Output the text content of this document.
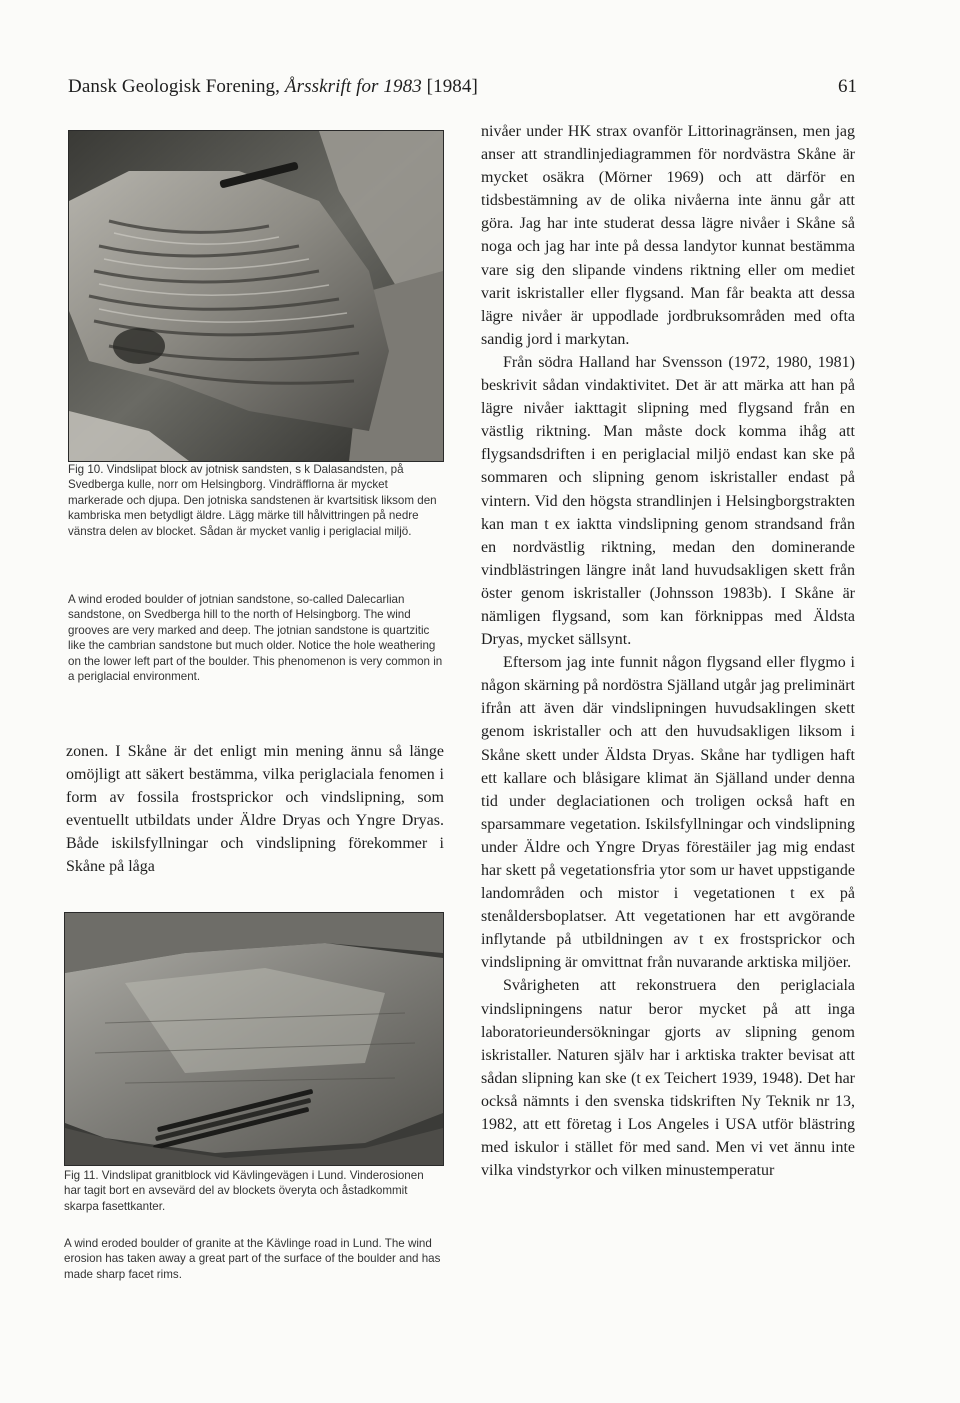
Dansk Geologisk Forening, Årsskrift for 1983 [1984]	61
Fig 10. Vindslipat block av jotnisk sandsten, s k Dalasandsten, på Svedberga kulle, norr om Helsingborg. Vindräfflorna är mycket markerade och djupa. Den jotniska sandstenen är kvartsitisk liksom den kambriska men betydligt äldre. Lägg märke till hålvittringen på nedre vänstra delen av blocket. Sådan är mycket vanlig i periglacial miljö.
A wind eroded boulder of jotnian sandstone, so-called Dalecarlian sandstone, on Svedberga hill to the north of Helsingborg. The wind grooves are very marked and deep. The jotnian sandstone is quartzitic like the cambrian sandstone but much older. Notice the hole weathering on the lower left part of the boulder. This phenomenon is very common in a periglacial environment.

zonen. I Skåne är det enligt min mening ännu så länge omöjligt att säkert bestämma, vilka periglaciala fenomen i form av fossila frostsprickor och vindslipning, som eventuellt utbildats under Äldre Dryas och Yngre Dryas. Både iskilsfyllningar och vindslipning förekommer i Skåne på låga

Fig 11. Vindslipat granitblock vid Kävlingevägen i Lund. Vinderosionen har tagit bort en avsevärd del av blockets överyta och åstadkommit skarpa fasettkanter.
A wind eroded boulder of granite at the Kävlinge road in Lund. The wind erosion has taken away a great part of the surface of the boulder and has made sharp facet rims.

nivåer under HK strax ovanför Littorinagränsen, men jag anser att strandlinjediagrammen för nordvästra Skåne är mycket osäkra (Mörner 1969) och att därför en tidsbestämning av de olika nivåerna inte ännu går att göra. Jag har inte studerat dessa lägre nivåer i Skåne så noga och jag har inte på dessa landytor kunnat bestämma vare sig den slipande vindens riktning eller om mediet varit iskristaller eller flygsand. Man får beakta att dessa lägre nivåer är uppodlade jordbruksområden med ofta sandig jord i markytan.

Från södra Halland har Svensson (1972, 1980, 1981) beskrivit sådan vindaktivitet. Det är att märka att han på lägre nivåer iakttagit slipning med flygsand från en västlig riktning. Man måste dock komma ihåg att flygsandsdriften i en periglacial miljö endast kan ske på sommaren och slipning genom iskristaller endast på vintern. Vid den högsta strandlinjen i Helsingborgstrakten kan man t ex iaktta vindslipning genom strandsand från en nordvästlig riktning, medan den dominerande vindblästringen längre inåt land huvudsakligen skett från öster genom iskristaller (Johnsson 1983b). I Skåne är nämligen flygsand, som kan förknippas med Äldsta Dryas, mycket sällsynt.

Eftersom jag inte funnit någon flygsand eller flygmo i någon skärning på nordöstra Själland utgår jag preliminärt ifrån att även där vindslipningen huvudsaklingen skett genom iskristaller och att den huvudsakligen liksom i Skåne skett under Äldsta Dryas. Skåne har tydligen haft ett kallare och blåsigare klimat än Själland under denna tid under deglaciationen och troligen också haft en sparsammare vegetation. Iskilsfyllningar och vindslipning under Äldre och Yngre Dryas förestäiler jag mig endast har skett på vegetationsfria ytor som ur havet uppstigande landområden och mistor i vegetationen t ex på stenåldersboplatser. Att vegetationen har ett avgörande inflytande på utbildningen av t ex frostsprickor och vindslipning är omvittnat från nuvarande arktiska miljöer.

Svårigheten att rekonstruera den periglaciala vindslipningens natur beror mycket på att inga laboratorieundersökningar gjorts av slipning genom iskristaller. Naturen själv har i arktiska trakter bevisat att sådan slipning kan ske (t ex Teichert 1939, 1948). Det har också nämnts i den svenska tidskriften Ny Teknik nr 13, 1982, att ett företag i Los Angeles i USA utför blästring med iskulor i stället för med sand. Men vi vet ännu inte vilka vindstyrkor och vilken minustemperatur
